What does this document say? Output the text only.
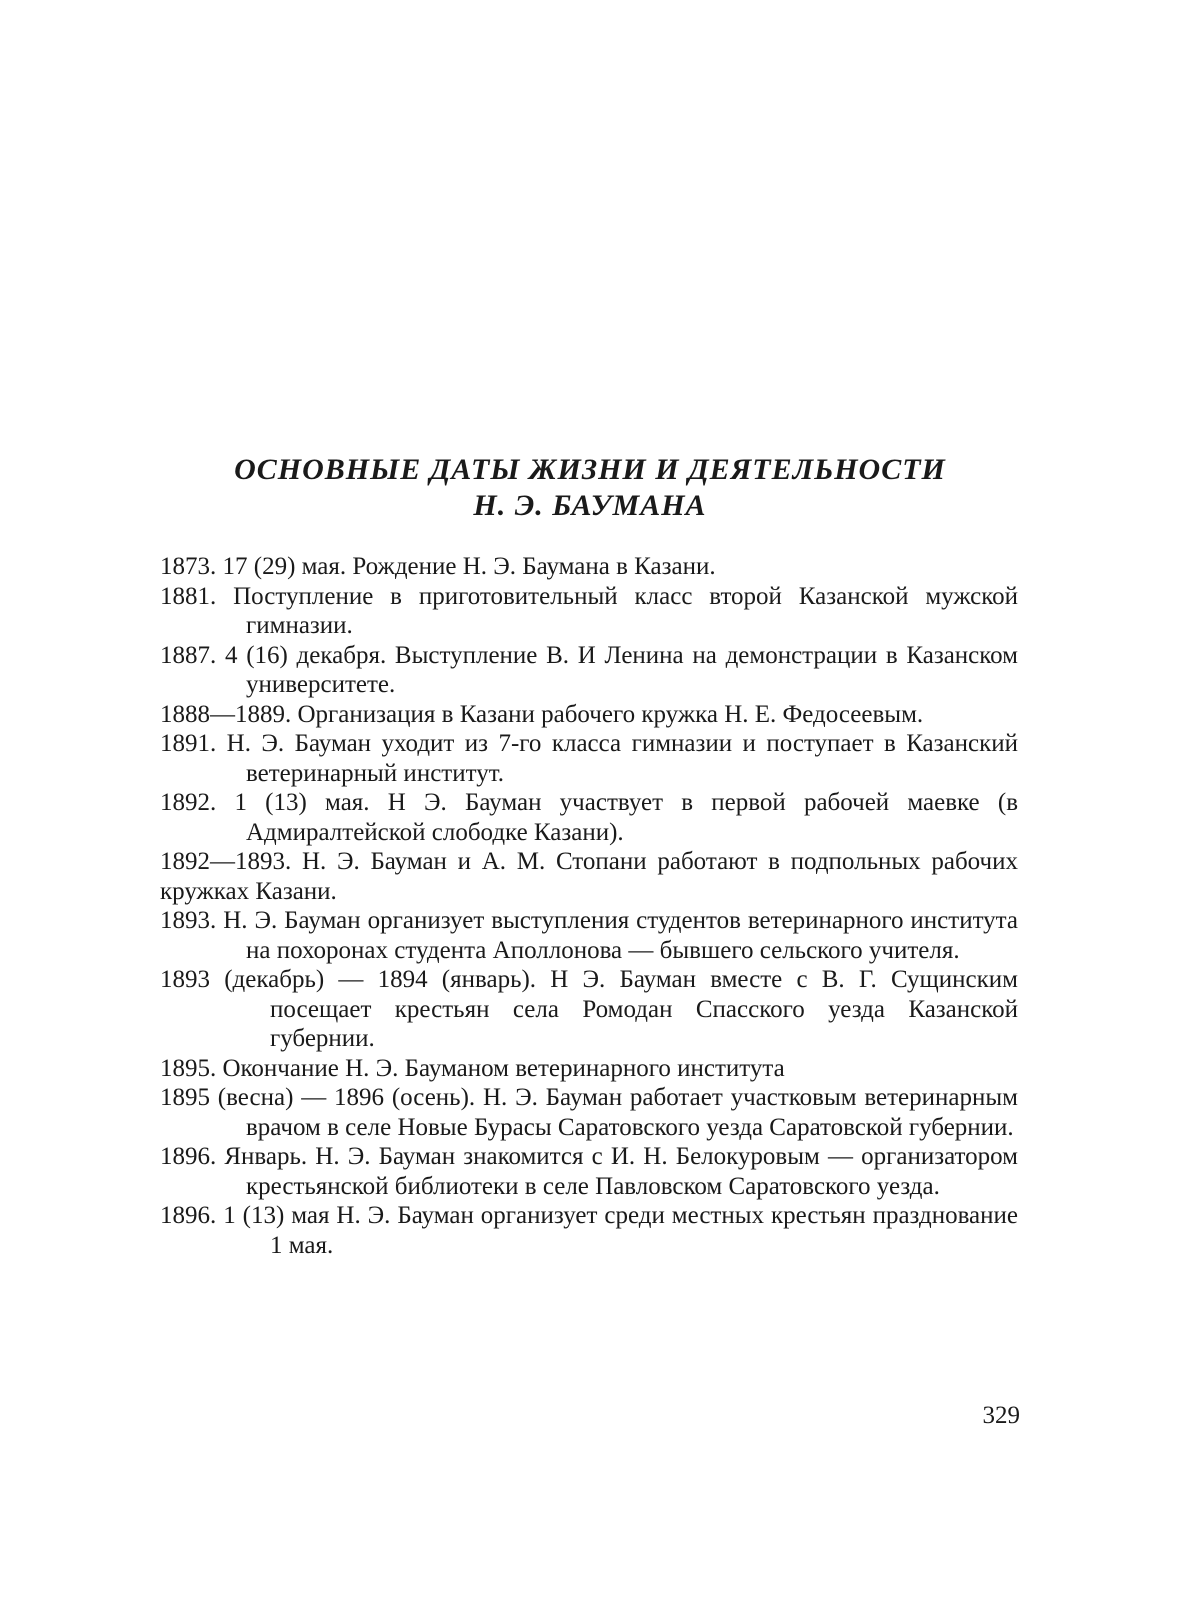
ОСНОВНЫЕ ДАТЫ ЖИЗНИ И ДЕЯТЕЛЬНОСТИ
Н. Э. БАУМАНА

1873. 17 (29) мая. Рождение Н. Э. Баумана в Казани.

1881. Поступление в приготовительный класс второй Казанской мужской гимназии.

1887. 4 (16) декабря. Выступление В. И Ленина на демонстрации в Казанском университете.

1888—1889. Организация в Казани рабочего кружка Н. Е. Федосеевым.

1891. Н. Э. Бауман уходит из 7-го класса гимназии и поступает в Казанский ветеринарный институт.

1892. 1 (13) мая. Н Э. Бауман участвует в первой рабочей маевке (в Адмиралтейской слободке Казани).

1892—1893. Н. Э. Бауман и А. М. Стопани работают в подпольных рабочих кружках Казани.

1893. Н. Э. Бауман организует выступления студентов ветеринарного института на похоронах студента Аполлонова — бывшего сельского учителя.

1893 (декабрь) — 1894 (январь). Н Э. Бауман вместе с В. Г. Сущинским посещает крестьян села Ромодан Спасского уезда Казанской губернии.

1895. Окончание Н. Э. Бауманом ветеринарного института

1895 (весна) — 1896 (осень). Н. Э. Бауман работает участковым ветеринарным врачом в селе Новые Бурасы Саратовского уезда Саратовской губернии.

1896. Январь. Н. Э. Бауман знакомится с И. Н. Белокуровым — организатором крестьянской библиотеки в селе Павловском Саратовского уезда.

1896. 1 (13) мая Н. Э. Бауман организует среди местных крестьян празднование 1 мая.

329
